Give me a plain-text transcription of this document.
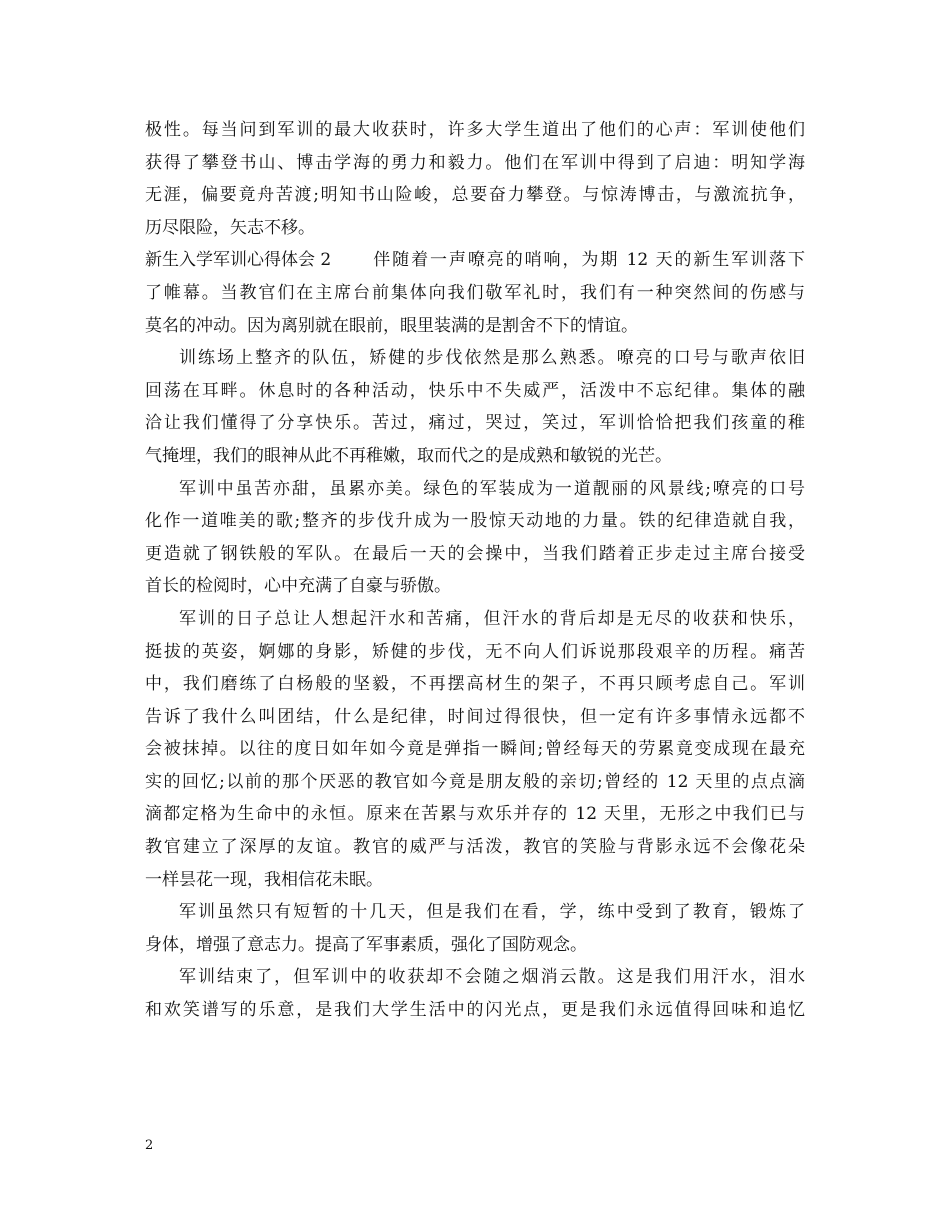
极性。每当问到军训的最大收获时，许多大学生道出了他们的心声：军训使他们
获得了攀登书山、博击学海的勇力和毅力。他们在军训中得到了启迪：明知学海
无涯，偏要竟舟苦渡;明知书山险峻，总要奋力攀登。与惊涛博击，与激流抗争，
历尽限险，矢志不移。
新生入学军训心得体会 2 伴随着一声嘹亮的哨响，为期 12 天的新生军训落下
了帷幕。当教官们在主席台前集体向我们敬军礼时，我们有一种突然间的伤感与
莫名的冲动。因为离别就在眼前，眼里装满的是割舍不下的情谊。
训练场上整齐的队伍，矫健的步伐依然是那么熟悉。嘹亮的口号与歌声依旧
回荡在耳畔。休息时的各种活动，快乐中不失威严，活泼中不忘纪律。集体的融
洽让我们懂得了分享快乐。苦过，痛过，哭过，笑过，军训恰恰把我们孩童的稚
气掩埋，我们的眼神从此不再稚嫩，取而代之的是成熟和敏锐的光芒。
军训中虽苦亦甜，虽累亦美。绿色的军装成为一道靓丽的风景线;嘹亮的口号
化作一道唯美的歌;整齐的步伐升成为一股惊天动地的力量。铁的纪律造就自我，
更造就了钢铁般的军队。在最后一天的会操中，当我们踏着正步走过主席台接受
首长的检阅时，心中充满了自豪与骄傲。
军训的日子总让人想起汗水和苦痛，但汗水的背后却是无尽的收获和快乐，
挺拔的英姿，婀娜的身影，矫健的步伐，无不向人们诉说那段艰辛的历程。痛苦
中，我们磨练了白杨般的坚毅，不再摆高材生的架子，不再只顾考虑自己。军训
告诉了我什么叫团结，什么是纪律，时间过得很快，但一定有许多事情永远都不
会被抹掉。以往的度日如年如今竟是弹指一瞬间;曾经每天的劳累竟变成现在最充
实的回忆;以前的那个厌恶的教官如今竟是朋友般的亲切;曾经的 12 天里的点点滴
滴都定格为生命中的永恒。原来在苦累与欢乐并存的 12 天里，无形之中我们已与
教官建立了深厚的友谊。教官的威严与活泼，教官的笑脸与背影永远不会像花朵
一样昙花一现，我相信花未眠。
军训虽然只有短暂的十几天，但是我们在看，学，练中受到了教育，锻炼了
身体，增强了意志力。提高了军事素质，强化了国防观念。
军训结束了，但军训中的收获却不会随之烟消云散。这是我们用汗水，泪水
和欢笑谱写的乐意，是我们大学生活中的闪光点，更是我们永远值得回味和追忆
2
